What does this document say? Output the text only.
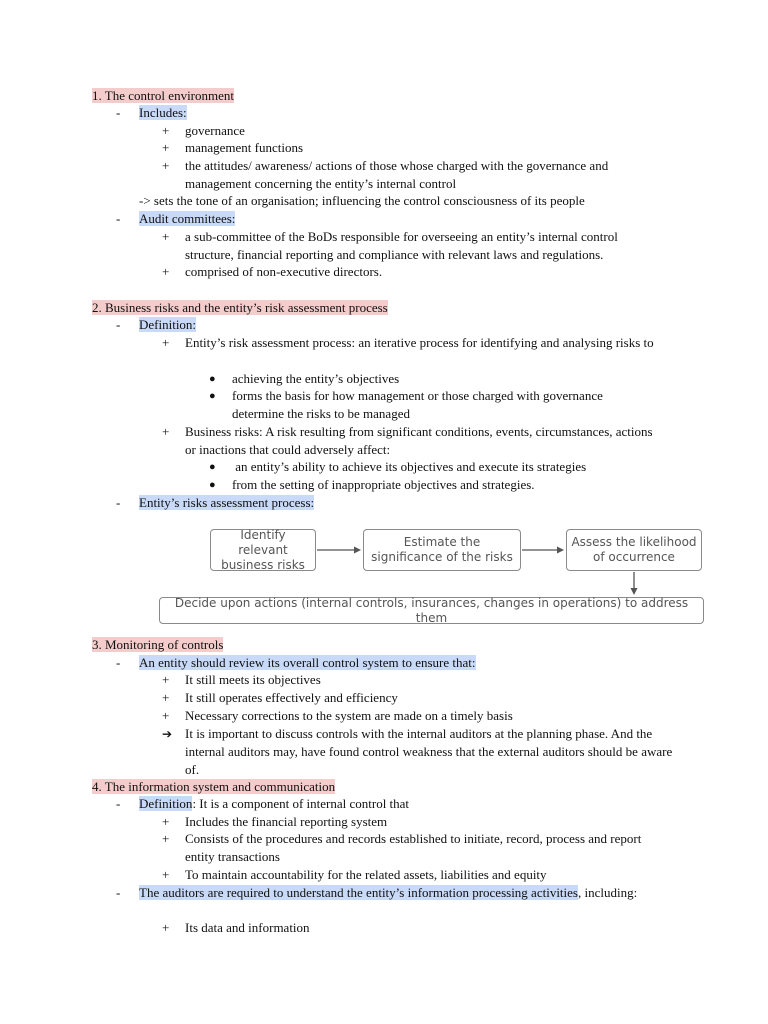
1. The control environment
- Includes:
+ governance
+ management functions
+ the attitudes/ awareness/ actions of those whose charged with the governance and management concerning the entity’s internal control
-> sets the tone of an organisation; influencing the control consciousness of its people
- Audit committees:
+ a sub-committee of the BoDs responsible for overseeing an entity’s internal control structure, financial reporting and compliance with relevant laws and regulations.
+ comprised of non-executive directors.
2. Business risks and the entity’s risk assessment process
- Definition:
+ Entity’s risk assessment process: an iterative process for identifying and analysing risks to
● achieving the entity’s objectives
● forms the basis for how management or those charged with governance determine the risks to be managed
+ Business risks: A risk resulting from significant conditions, events, circumstances, actions or inactions that could adversely affect:
● an entity’s ability to achieve its objectives and execute its strategies
● from the setting of inappropriate objectives and strategies.
- Entity’s risks assessment process:
Identify relevant business risks
Estimate the significance of the risks
Assess the likelihood of occurrence
Decide upon actions (internal controls, insurances, changes in operations) to address them
3. Monitoring of controls
- An entity should review its overall control system to ensure that:
+ It still meets its objectives
+ It still operates effectively and efficiency
+ Necessary corrections to the system are made on a timely basis
➔ It is important to discuss controls with the internal auditors at the planning phase. And the internal auditors may, have found control weakness that the external auditors should be aware of.
4. The information system and communication
- Definition: It is a component of internal control that
+ Includes the financial reporting system
+ Consists of the procedures and records established to initiate, record, process and report entity transactions
+ To maintain accountability for the related assets, liabilities and equity
- The auditors are required to understand the entity’s information processing activities, including:
+ Its data and information
